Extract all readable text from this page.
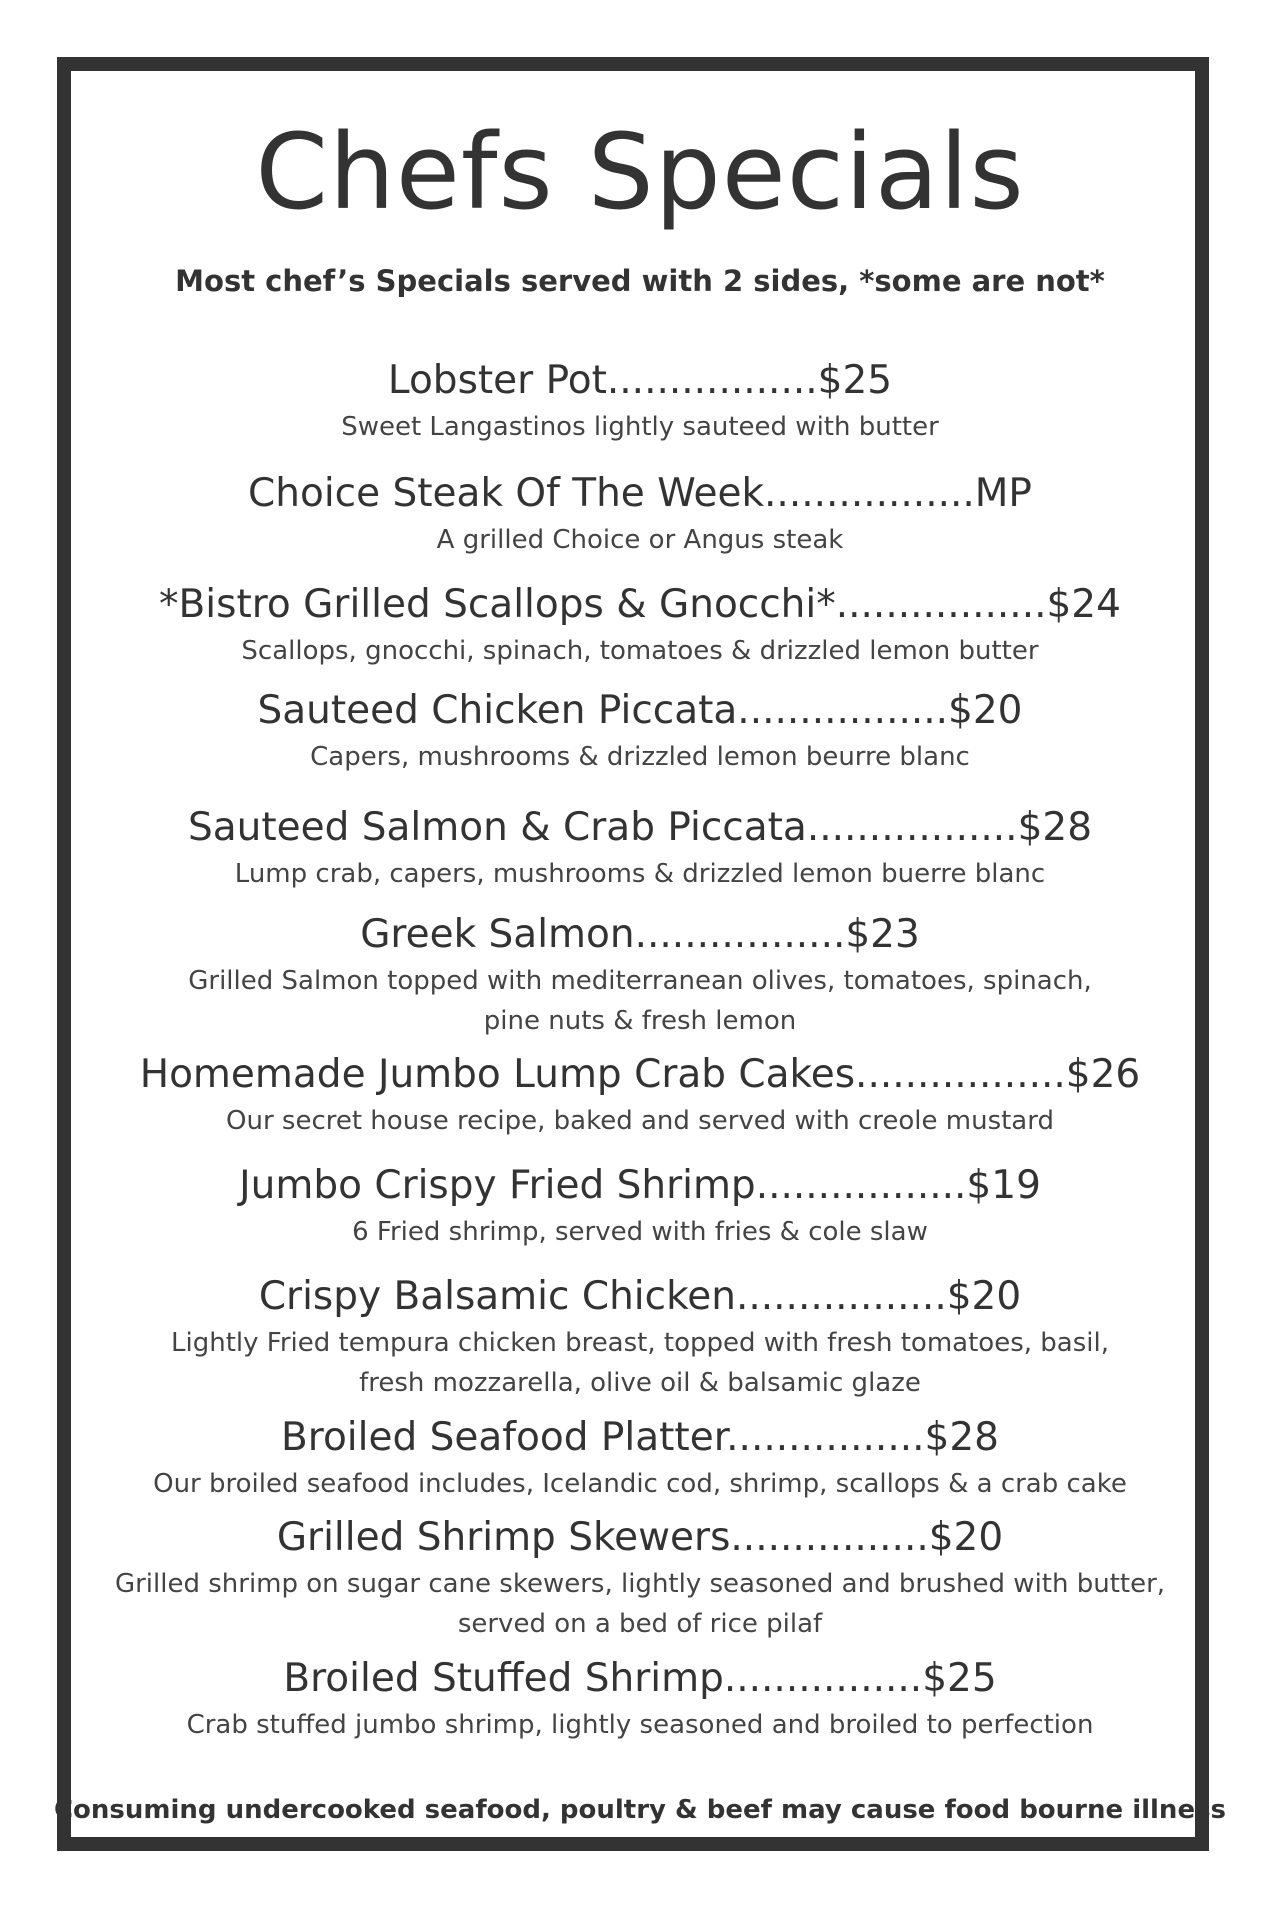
Chefs Specials
Most chef’s Specials served with 2 sides, *some are not*
Lobster Pot.................$25
Sweet Langastinos lightly sauteed with butter
Choice Steak Of The Week.................MP
A grilled Choice or Angus steak
*Bistro Grilled Scallops & Gnocchi*.................$24
Scallops, gnocchi, spinach, tomatoes & drizzled lemon butter
Sauteed Chicken Piccata.................$20
Capers, mushrooms & drizzled lemon beurre blanc
Sauteed Salmon & Crab Piccata.................$28
Lump crab, capers, mushrooms & drizzled lemon buerre blanc
Greek Salmon.................$23
Grilled Salmon topped with mediterranean olives, tomatoes, spinach,
pine nuts & fresh lemon
Homemade Jumbo Lump Crab Cakes.................$26
Our secret house recipe, baked and served with creole mustard
Jumbo Crispy Fried Shrimp.................$19
6 Fried shrimp, served with fries & cole slaw
Crispy Balsamic Chicken.................$20
Lightly Fried tempura chicken breast, topped with fresh tomatoes, basil,
fresh mozzarella, olive oil & balsamic glaze
Broiled Seafood Platter................$28
Our broiled seafood includes, Icelandic cod, shrimp, scallops & a crab cake
Grilled Shrimp Skewers................$20
Grilled shrimp on sugar cane skewers, lightly seasoned and brushed with butter,
served on a bed of rice pilaf
Broiled Stuffed Shrimp................$25
Crab stuffed jumbo shrimp, lightly seasoned and broiled to perfection
Consuming undercooked seafood, poultry & beef may cause food bourne illness
